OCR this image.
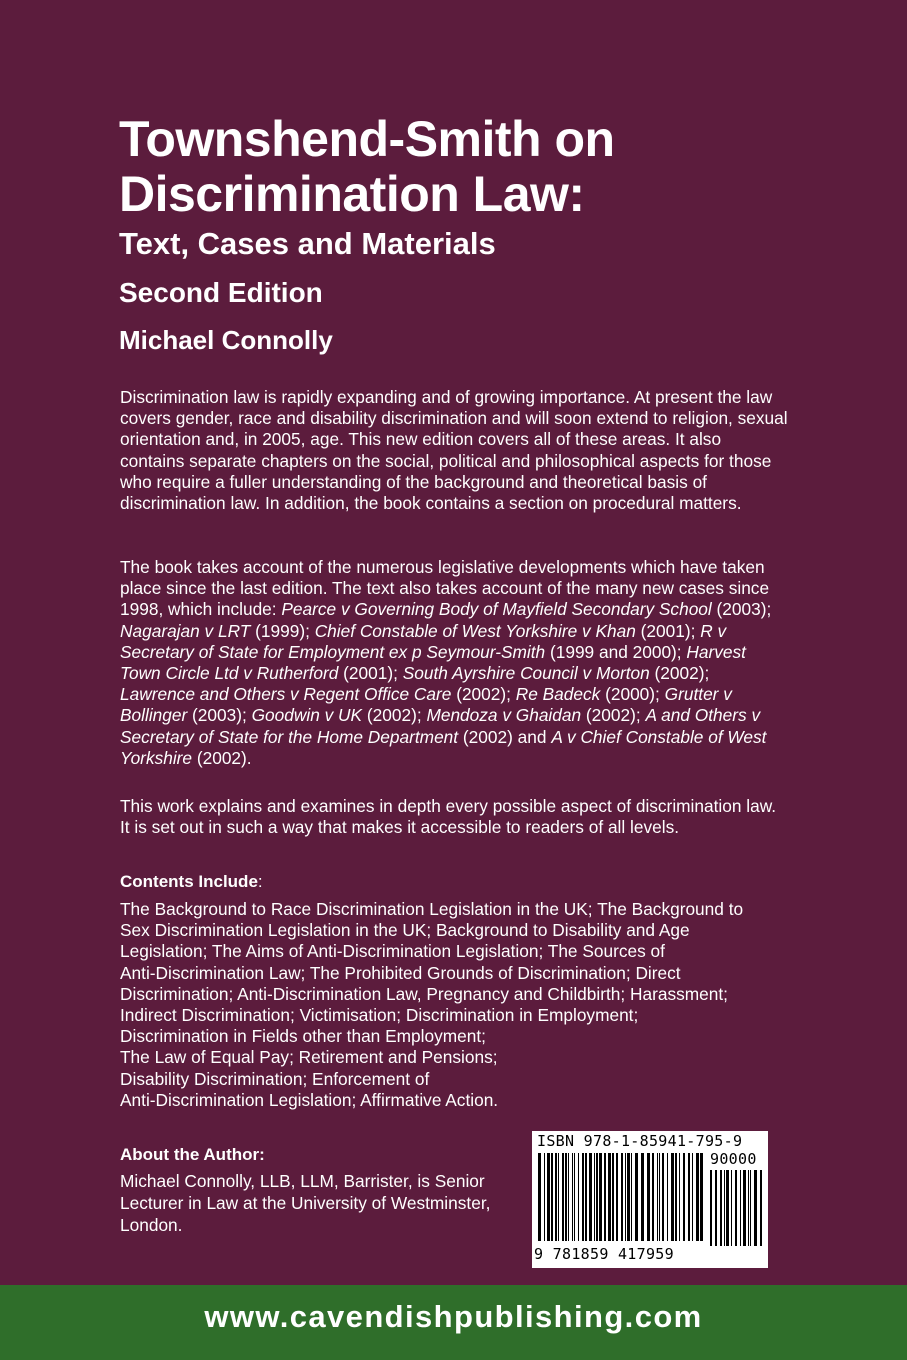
Townshend-Smith on
Discrimination Law:
Text, Cases and Materials
Second Edition
Michael Connolly

Discrimination law is rapidly expanding and of growing importance. At present the law covers gender, race and disability discrimination and will soon extend to religion, sexual orientation and, in 2005, age. This new edition covers all of these areas. It also contains separate chapters on the social, political and philosophical aspects for those who require a fuller understanding of the background and theoretical basis of discrimination law. In addition, the book contains a section on procedural matters.

The book takes account of the numerous legislative developments which have taken place since the last edition. The text also takes account of the many new cases since 1998, which include: Pearce v Governing Body of Mayfield Secondary School (2003); Nagarajan v LRT (1999); Chief Constable of West Yorkshire v Khan (2001); R v Secretary of State for Employment ex p Seymour-Smith (1999 and 2000); Harvest Town Circle Ltd v Rutherford (2001); South Ayrshire Council v Morton (2002); Lawrence and Others v Regent Office Care (2002); Re Badeck (2000); Grutter v Bollinger (2003); Goodwin v UK (2002); Mendoza v Ghaidan (2002); A and Others v Secretary of State for the Home Department (2002) and A v Chief Constable of West Yorkshire (2002).

This work explains and examines in depth every possible aspect of discrimination law. It is set out in such a way that makes it accessible to readers of all levels.

Contents Include:
The Background to Race Discrimination Legislation in the UK; The Background to
Sex Discrimination Legislation in the UK; Background to Disability and Age
Legislation; The Aims of Anti-Discrimination Legislation; The Sources of
Anti-Discrimination Law; The Prohibited Grounds of Discrimination; Direct
Discrimination; Anti-Discrimination Law, Pregnancy and Childbirth; Harassment;
Indirect Discrimination; Victimisation; Discrimination in Employment;
Discrimination in Fields other than Employment;
The Law of Equal Pay; Retirement and Pensions;
Disability Discrimination; Enforcement of
Anti-Discrimination Legislation; Affirmative Action.
About the Author:
Michael Connolly, LLB, LLM, Barrister, is Senior
Lecturer in Law at the University of Westminster,
London.
ISBN 978-1-85941-795-9
90000
9 781859 417959
www.cavendishpublishing.com
